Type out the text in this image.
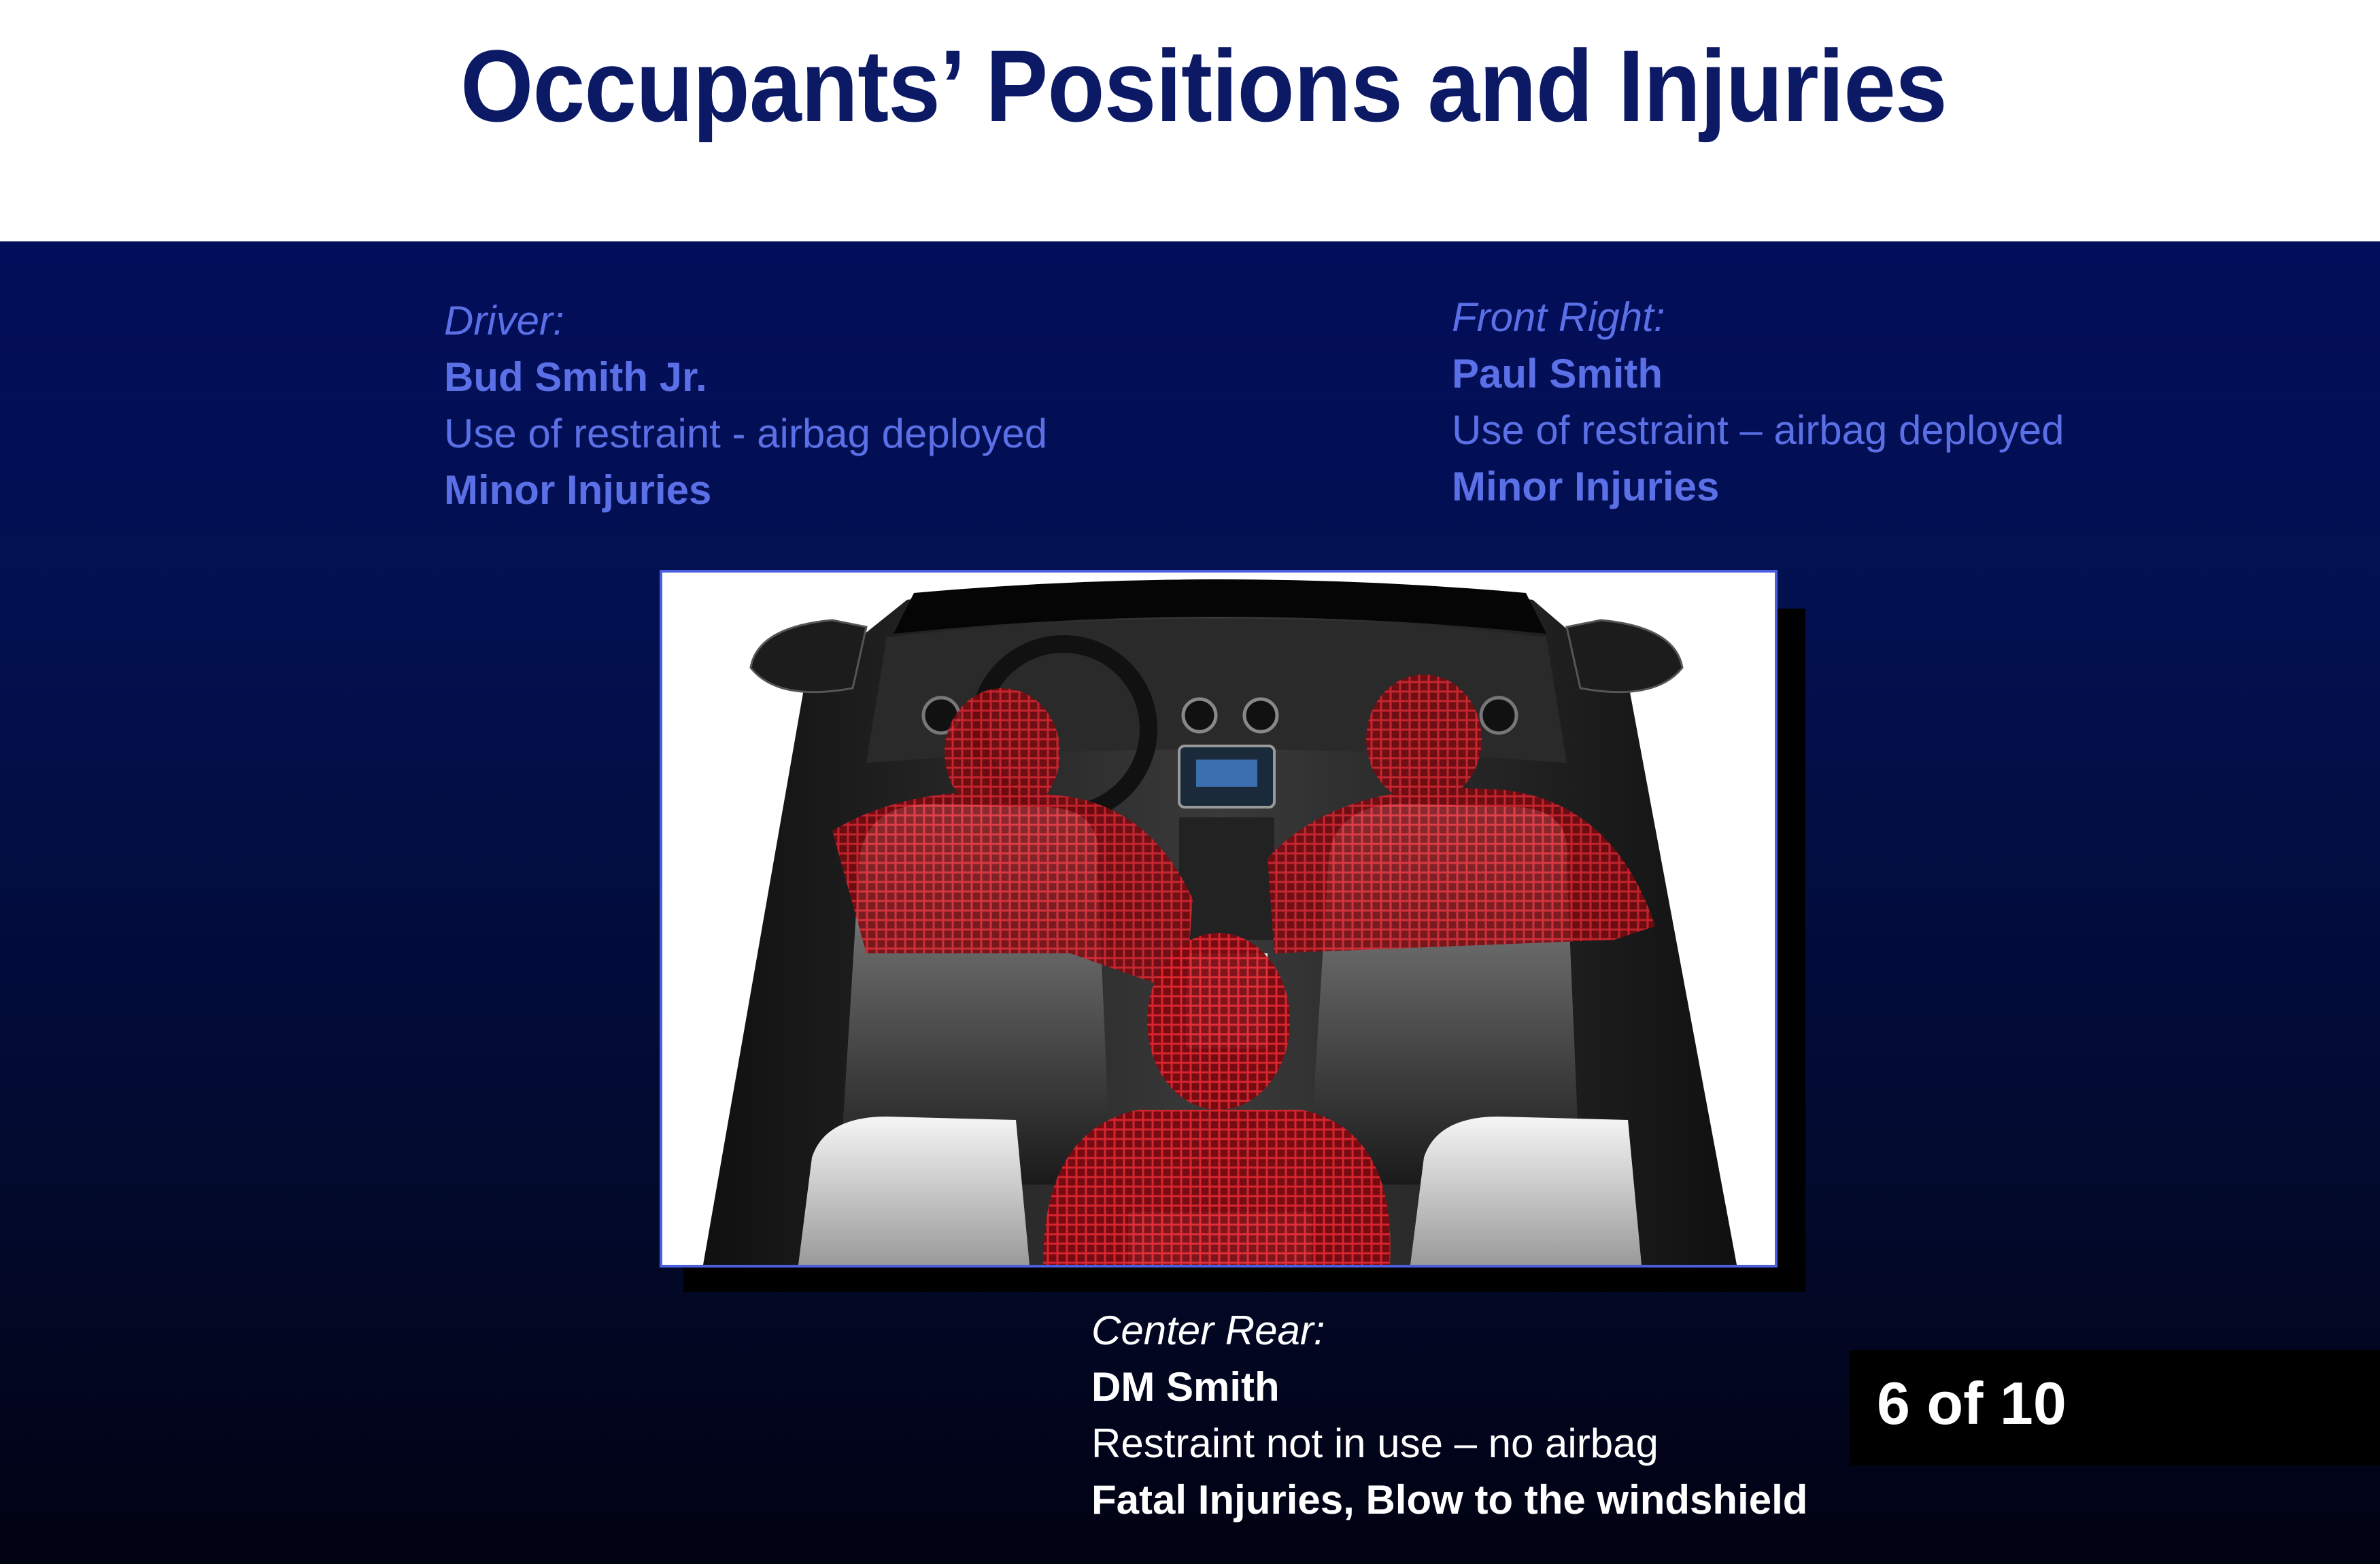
Occupants’ Positions and Injuries
Driver:
Bud Smith Jr.
Use of restraint - airbag deployed
Minor Injuries
Front Right:
Paul Smith
Use of restraint – airbag deployed
Minor Injuries
Center Rear:
DM Smith
Restraint not in use – no airbag
Fatal Injuries, Blow to the windshield
6 of 10
